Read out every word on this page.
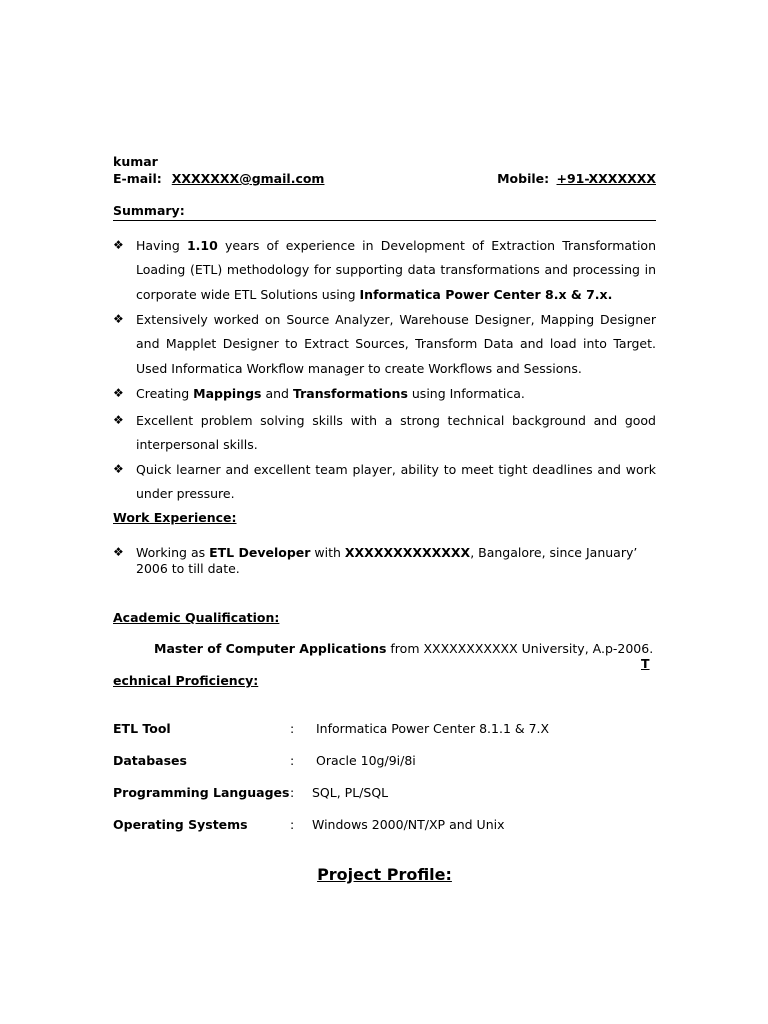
kumar
E-mail: XXXXXXX@gmail.com	Mobile: +91-XXXXXXX
Summary:
❖ Having 1.10 years of experience in Development of Extraction Transformation Loading (ETL) methodology for supporting data transformations and processing in corporate wide ETL Solutions using Informatica Power Center 8.x & 7.x.
❖ Extensively worked on Source Analyzer, Warehouse Designer, Mapping Designer and Mapplet Designer to Extract Sources, Transform Data and load into Target. Used Informatica Workflow manager to create Workflows and Sessions.
❖ Creating Mappings and Transformations using Informatica.
❖ Excellent problem solving skills with a strong technical background and good interpersonal skills.
❖ Quick learner and excellent team player, ability to meet tight deadlines and work under pressure.
Work Experience:
❖ Working as ETL Developer with XXXXXXXXXXXXX, Bangalore, since January’ 2006 to till date.
Academic Qualification:
Master of Computer Applications from XXXXXXXXXXX University, A.p-2006.
T
echnical Proficiency:
ETL Tool	: Informatica Power Center 8.1.1 & 7.X
Databases	: Oracle 10g/9i/8i
Programming Languages : SQL, PL/SQL
Operating Systems	: Windows 2000/NT/XP and Unix
Project Profile:
